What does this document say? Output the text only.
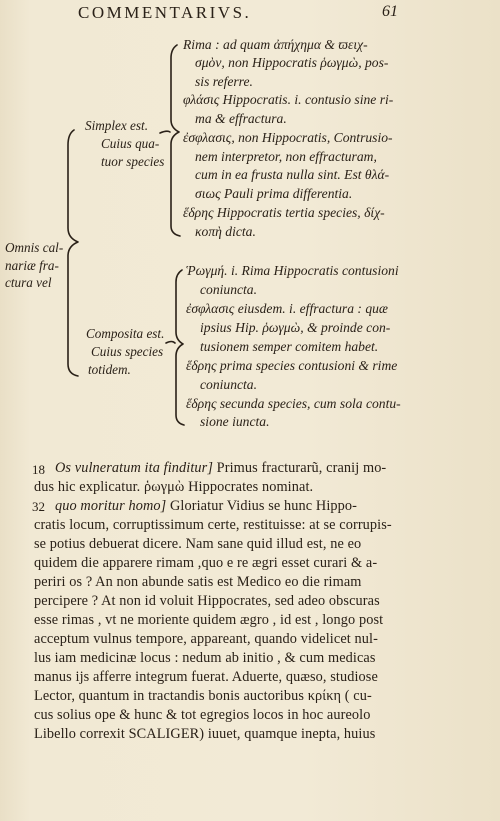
COMMENTARIVS.	61
Omnis cal-
nariæ fra-
ctura vel
Simplex est.
Cuius qua-
tuor species
Composita est.
Cuius species
totidem.
Rima : ad quam ἀπήχημα & ϖειχ-
σμὸν, non Hippocratis ῥωγμὼ, pos-
sis referre.
φλάσις Hippocratis. i. contusio sine ri-
ma & effractura.
ἐσφλασις, non Hippocratis, Contrusio-
nem interpretor, non effracturam,
cum in ea frusta nulla sint. Est θλά-
σιως Pauli prima differentia.
ἕδρης Hippocratis tertia species, δίχ-
κοπὴ dicta.
Ῥωγμή. i. Rima Hippocratis contusioni
coniuncta.
ἐσφλασις eiusdem. i. effractura : quæ
ipsius Hip. ῥωγμὼ, & proinde con-
tusionem semper comitem habet.
ἕδρης prima species contusioni & rime
coniuncta.
ἕδρης secunda species, cum sola contu-
sione iuncta.
18
32
Os vulneratum ita finditur] Primus fracturarũ, cranij mo-
dus hic explicatur. ῥωγμὼ Hippocrates nominat.
quo moritur homo] Gloriatur Vidius se hunc Hippo-
cratis locum, corruptissimum certe, restituisse: at se corrupis-
se potius debuerat dicere. Nam sane quid illud est, ne eo
quidem die apparere rimam ,quo e re ægri esset curari & a-
periri os ? An non abunde satis est Medico eo die rimam
percipere ? At non id voluit Hippocrates, sed adeo obscuras
esse rimas , vt ne moriente quidem ægro , id est , longo post
acceptum vulnus tempore, appareant, quando videlicet nul-
lus iam medicinæ locus : nedum ab initio , & cum medicas
manus ijs afferre integrum fuerat. Aduerte, quæso, studiose
Lector, quantum in tractandis bonis auctoribus κρίκη ( cu-
cus solius ope & hunc & tot egregios locos in hoc aureolo
Libello correxit SCALIGER) iuuet, quamque inepta, huius
